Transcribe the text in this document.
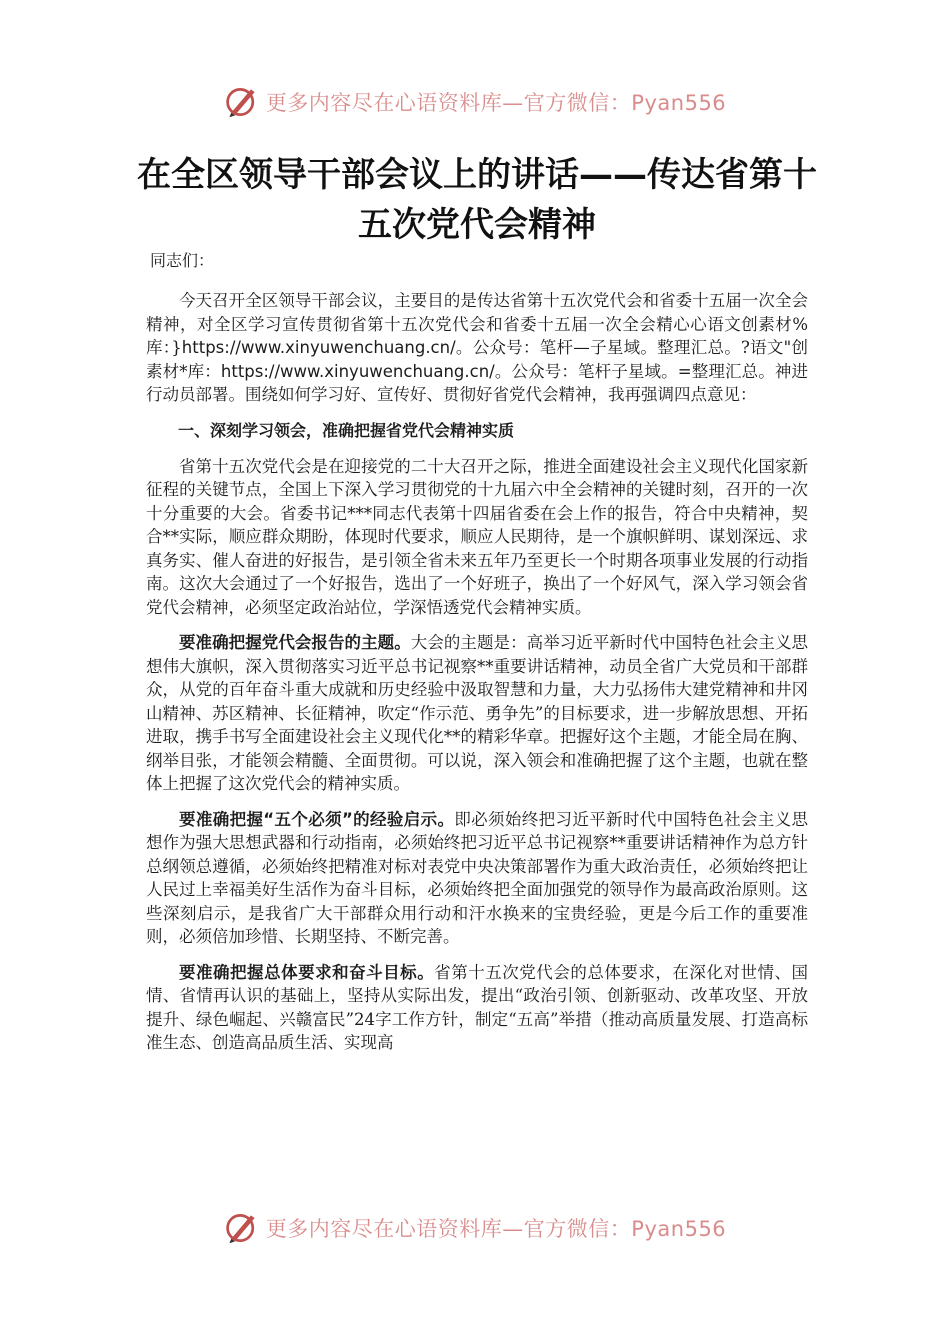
更多内容尽在心语资料库—官方微信：Pyan556
在全区领导干部会议上的讲话——传达省第十五次党代会精神
同志们：

今天召开全区领导干部会议，主要目的是传达省第十五次党代会和省委十五届一次全会精神，对全区学习宣传贯彻省第十五次党代会和省委十五届一次全会精心心语文创素材%库：}https://www.xinyuwenchuang.cn/。公众号：笔杆—子星域。整理汇总。?语文"创素材*库：https://www.xinyuwenchuang.cn/。公众号：笔杆子星域。=整理汇总。神进行动员部署。围绕如何学习好、宣传好、贯彻好省党代会精神，我再强调四点意见：

一、深刻学习领会，准确把握省党代会精神实质

省第十五次党代会是在迎接党的二十大召开之际，推进全面建设社会主义现代化国家新征程的关键节点，全国上下深入学习贯彻党的十九届六中全会精神的关键时刻，召开的一次十分重要的大会。省委书记***同志代表第十四届省委在会上作的报告，符合中央精神，契合**实际，顺应群众期盼，体现时代要求，顺应人民期待，是一个旗帜鲜明、谋划深远、求真务实、催人奋进的好报告，是引领全省未来五年乃至更长一个时期各项事业发展的行动指南。这次大会通过了一个好报告，选出了一个好班子，换出了一个好风气，深入学习领会省党代会精神，必须坚定政治站位，学深悟透党代会精神实质。

要准确把握党代会报告的主题。大会的主题是：高举习近平新时代中国特色社会主义思想伟大旗帜，深入贯彻落实习近平总书记视察**重要讲话精神，动员全省广大党员和干部群众，从党的百年奋斗重大成就和历史经验中汲取智慧和力量，大力弘扬伟大建党精神和井冈山精神、苏区精神、长征精神，吹定“作示范、勇争先”的目标要求，进一步解放思想、开拓进取，携手书写全面建设社会主义现代化**的精彩华章。把握好这个主题，才能全局在胸、纲举目张，才能领会精髓、全面贯彻。可以说，深入领会和准确把握了这个主题，也就在整体上把握了这次党代会的精神实质。

要准确把握“五个必须”的经验启示。即必须始终把习近平新时代中国特色社会主义思想作为强大思想武器和行动指南，必须始终把习近平总书记视察**重要讲话精神作为总方针总纲领总遵循，必须始终把精准对标对表党中央决策部署作为重大政治责任，必须始终把让人民过上幸福美好生活作为奋斗目标，必须始终把全面加强党的领导作为最高政治原则。这些深刻启示，是我省广大干部群众用行动和汗水换来的宝贵经验，更是今后工作的重要准则，必须倍加珍惜、长期坚持、不断完善。

要准确把握总体要求和奋斗目标。省第十五次党代会的总体要求，在深化对世情、国情、省情再认识的基础上，坚持从实际出发，提出“政治引领、创新驱动、改革攻坚、开放提升、绿色崛起、兴赣富民”24字工作方针，制定“五高”举措（推动高质量发展、打造高标准生态、创造高品质生活、实现高

更多内容尽在心语资料库—官方微信：Pyan556
